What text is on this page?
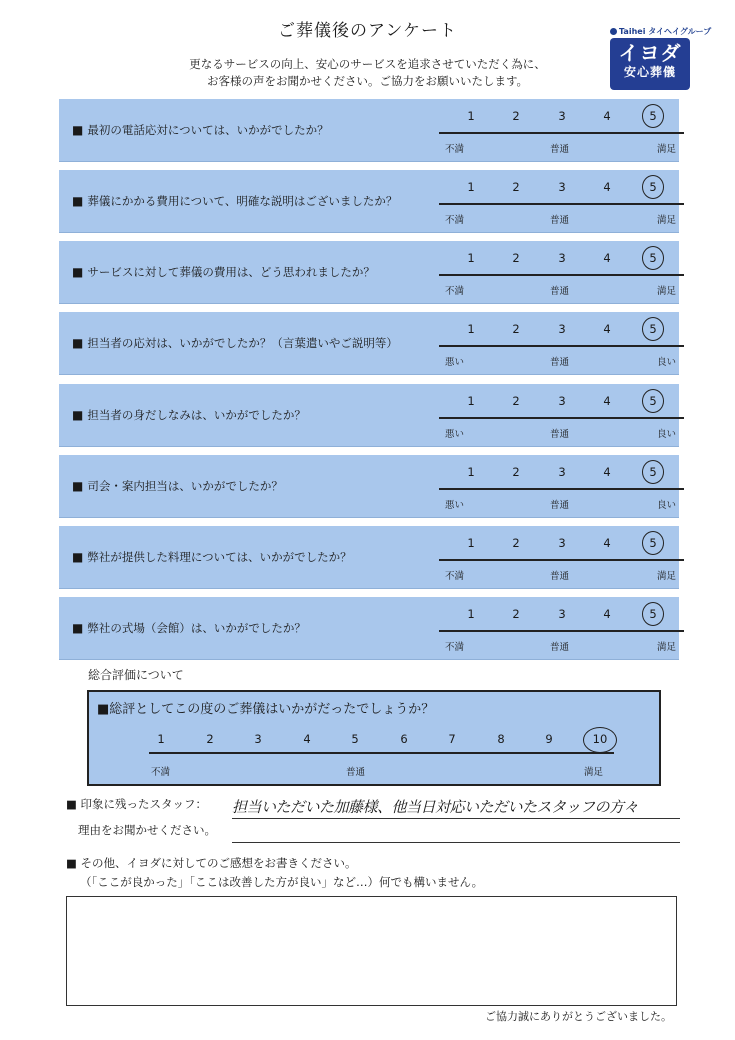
ご葬儀後のアンケート
更なるサービスの向上、安心のサービスを追求させていただく為に、
お客様の声をお聞かせください。ご協力をお願いいたします。
Taihei タイヘイグループ
イヨダ
安心葬儀
■ 最初の電話応対については、いかがでしたか？
1	2	3	4	5
不満	普通	満足
■ 葬儀にかかる費用について、明確な説明はございましたか？
1	2	3	4	5
不満	普通	満足
■ サービスに対して葬儀の費用は、どう思われましたか？
1	2	3	4	5
不満	普通	満足
■ 担当者の応対は、いかがでしたか？（言葉遣いやご説明等）
1	2	3	4	5
悪い	普通	良い
■ 担当者の身だしなみは、いかがでしたか？
1	2	3	4	5
悪い	普通	良い
■ 司会・案内担当は、いかがでしたか？
1	2	3	4	5
悪い	普通	良い
■ 弊社が提供した料理については、いかがでしたか？
1	2	3	4	5
不満	普通	満足
■ 弊社の式場（会館）は、いかがでしたか？
1	2	3	4	5
不満	普通	満足
総合評価について
■総評としてこの度のご葬儀はいかがだったでしょうか？
1	2	3	4	5	6	7	8	9	10
不満	普通	満足
■ 印象に残ったスタッフ：
理由をお聞かせください。
担当いただいた加藤様、他当日対応いただいたスタッフの方々
■ その他、イヨダに対してのご感想をお書きください。
（「ここが良かった」「ここは改善した方が良い」など…）何でも構いません。
ご協力誠にありがとうございました。
